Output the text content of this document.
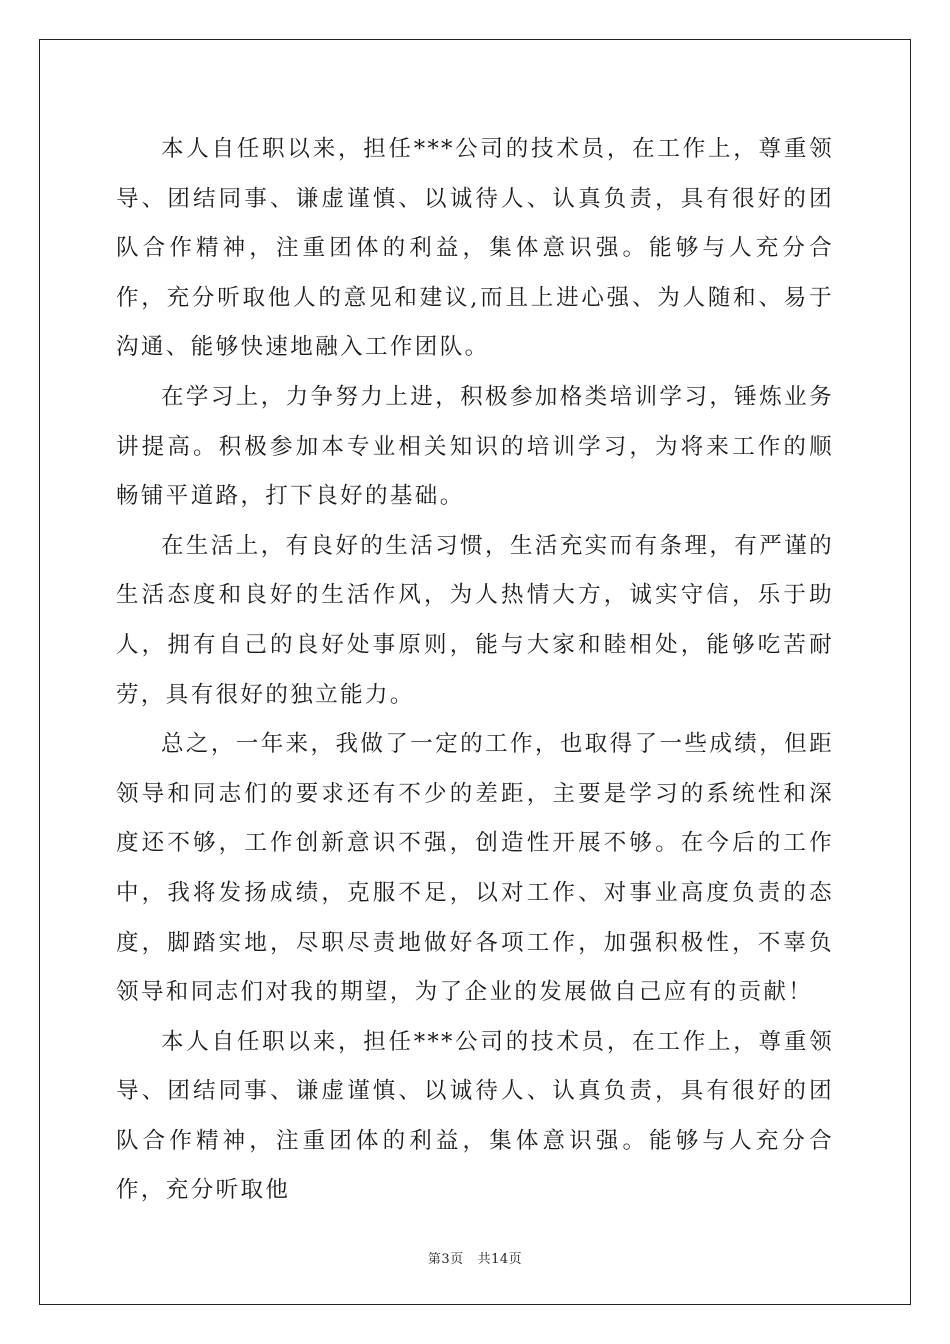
本人自任职以来，担任***公司的技术员，在工作上，尊重领导、团结同事、谦虚谨慎、以诚待人、认真负责，具有很好的团队合作精神，注重团体的利益，集体意识强。能够与人充分合作，充分听取他人的意见和建议,而且上进心强、为人随和、易于沟通、能够快速地融入工作团队。

在学习上，力争努力上进，积极参加格类培训学习，锤炼业务讲提高。积极参加本专业相关知识的培训学习，为将来工作的顺畅铺平道路，打下良好的基础。

在生活上，有良好的生活习惯，生活充实而有条理，有严谨的生活态度和良好的生活作风，为人热情大方，诚实守信，乐于助人，拥有自己的良好处事原则，能与大家和睦相处，能够吃苦耐劳，具有很好的独立能力。

总之，一年来，我做了一定的工作，也取得了一些成绩，但距领导和同志们的要求还有不少的差距，主要是学习的系统性和深度还不够，工作创新意识不强，创造性开展不够。在今后的工作中，我将发扬成绩，克服不足，以对工作、对事业高度负责的态度，脚踏实地，尽职尽责地做好各项工作，加强积极性，不辜负领导和同志们对我的期望，为了企业的发展做自己应有的贡献！

本人自任职以来，担任***公司的技术员，在工作上，尊重领导、团结同事、谦虚谨慎、以诚待人、认真负责，具有很好的团队合作精神，注重团体的利益，集体意识强。能够与人充分合作，充分听取他

第3页 共14页
